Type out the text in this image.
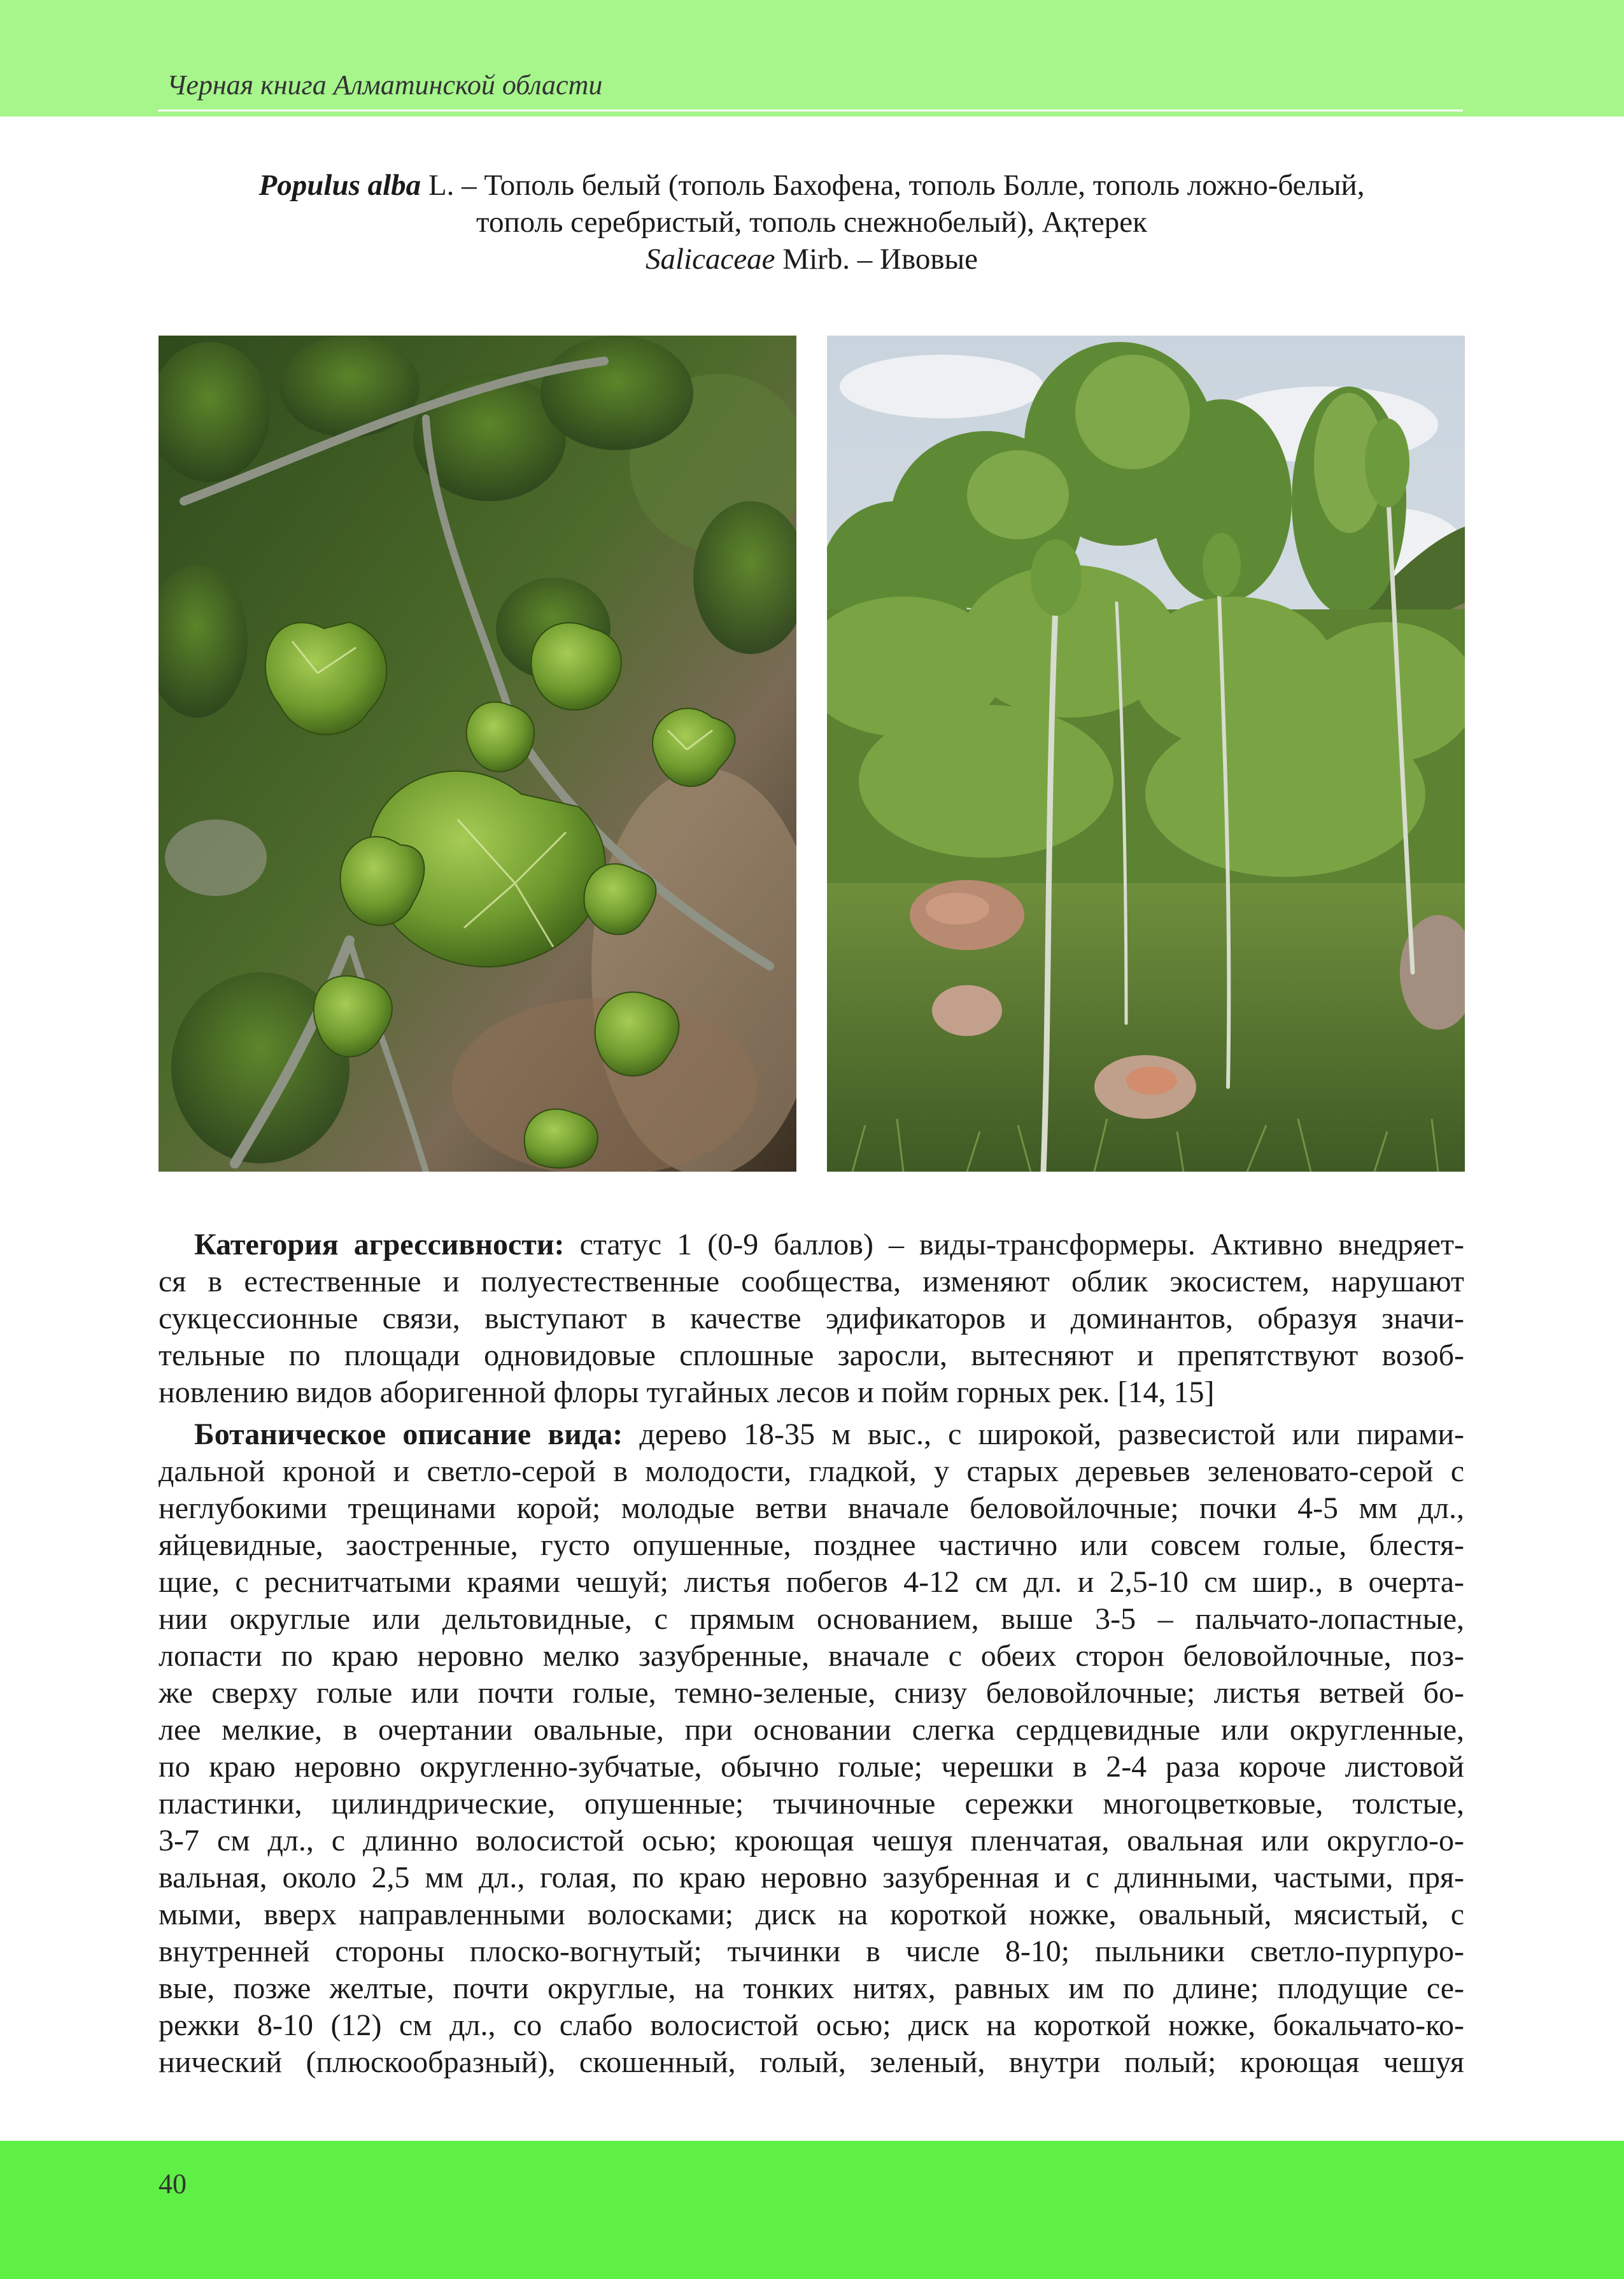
Черная книга Алматинской области
Populus alba L. – Тополь белый (тополь Бахофена, тополь Болле, тополь ложно-белый,
тополь серебристый, тополь снежнобелый), Ақтерек
Salicaceae Mirb. – Ивовые
Категория агрессивности: статус 1 (0-9 баллов) – виды-трансформеры. Активно внедряет-
ся в естественные и полуестественные сообщества, изменяют облик экосистем, нарушают
сукцессионные связи, выступают в качестве эдификаторов и доминантов, образуя значи-
тельные по площади одновидовые сплошные заросли, вытесняют и препятствуют возоб-
новлению видов аборигенной флоры тугайных лесов и пойм горных рек. [14, 15]
Ботаническое описание вида: дерево 18-35 м выс., с широкой, развесистой или пирами-
дальной кроной и светло-серой в молодости, гладкой, у старых деревьев зеленовато-серой с
неглубокими трещинами корой; молодые ветви вначале беловойлочные; почки 4-5 мм дл.,
яйцевидные, заостренные, густо опушенные, позднее частично или совсем голые, блестя-
щие, с реснитчатыми краями чешуй; листья побегов 4-12 см дл. и 2,5-10 см шир., в очерта-
нии округлые или дельтовидные, с прямым основанием, выше 3-5 – пальчато-лопастные,
лопасти по краю неровно мелко зазубренные, вначале с обеих сторон беловойлочные, поз-
же сверху голые или почти голые, темно-зеленые, снизу беловойлочные; листья ветвей бо-
лее мелкие, в очертании овальные, при основании слегка сердцевидные или округленные,
по краю неровно округленно-зубчатые, обычно голые; черешки в 2-4 раза короче листовой
пластинки, цилиндрические, опушенные; тычиночные сережки многоцветковые, толстые,
3-7 см дл., с длинно волосистой осью; кроющая чешуя пленчатая, овальная или округло-о-
вальная, около 2,5 мм дл., голая, по краю неровно зазубренная и с длинными, частыми, пря-
мыми, вверх направленными волосками; диск на короткой ножке, овальный, мясистый, с
внутренней стороны плоско-вогнутый; тычинки в числе 8-10; пыльники светло-пурпуро-
вые, позже желтые, почти округлые, на тонких нитях, равных им по длине; плодущие се-
режки 8-10 (12) см дл., со слабо волосистой осью; диск на короткой ножке, бокальчато-ко-
нический (плюскообразный), скошенный, голый, зеленый, внутри полый; кроющая чешуя
40
